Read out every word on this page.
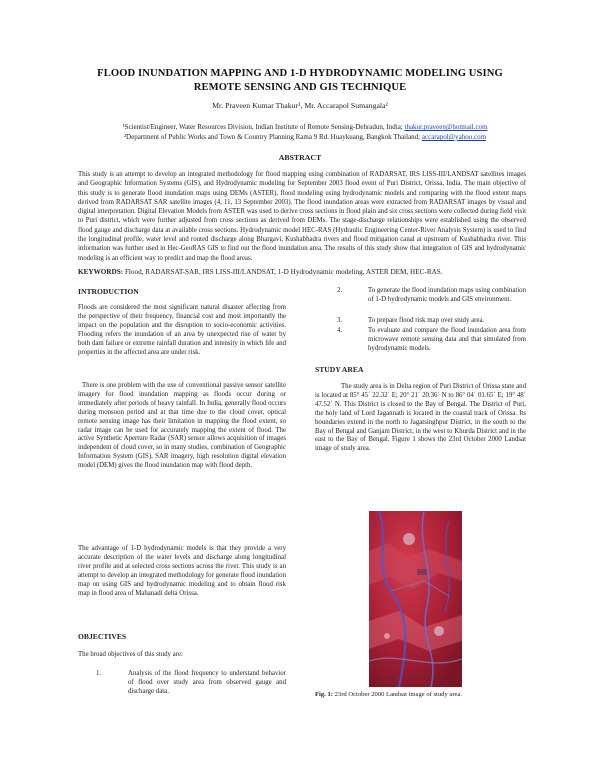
FLOOD INUNDATION MAPPING AND 1-D HYDRODYNAMIC MODELING USING
REMOTE SENSING AND GIS TECHNIQUE
Mr. Praveen Kumar Thakur¹, Mr. Accarapol Sumangala²
¹Scientist/Engineer, Water Resources Division, Indian Institute of Remote Sensing-Dehradun, India; thakur.praveen@hotmail.com
²Department of Public Works and Town & Country Planning Rama 9 Rd. Huaykuang, Bangkok Thailand; accarapol@yahoo.com
ABSTRACT
This study is an attempt to develop an integrated methodology for flood mapping using combination of RADARSAT, IRS LISS-III/LANDSAT satellites images and Geographic Information Systems (GIS), and Hydrodynamic modeling for September 2003 flood event of Puri District, Orissa, India. The main objective of this study is to generate flood inundation maps using DEMs (ASTER), flood modeling using hydrodynamic models and comparing with the flood extent maps derived from RADARSAT SAR satellite images (4, 11, 13 September 2003). The flood inundation areas were extracted from RADARSAT images by visual and digital interpretation. Digital Elevation Models from ASTER was used to derive cross sections in flood plain and six cross sections were collected during field visit to Puri district, which were further adjusted from cross sections as derived from DEMs. The stage-discharge relationships were established using the observed flood gauge and discharge data at available cross sections. Hydrodynamic model HEC-RAS (Hydraulic Engineering Center-River Analysis System) is used to find the longitudinal profile, water level and routed discharge along Bhargavi, Kushabhadra rivers and flood mitigation canal at upstream of Kushabhadra river. This information was further used in Hec-GeoRAS GIS to find out the flood inundation area. The results of this study show that integration of GIS and hydrodynamic modeling is an efficient way to predict and map the flood areas.
KEYWORDS: Flood, RADARSAT-SAR, IRS LISS-III/LANDSAT, 1-D Hydrodynamic modeling, ASTER DEM, HEC-RAS.
INTRODUCTION
Floods are considered the most significant natural disaster affecting from the perspective of their frequency, financial cost and most importantly the impact on the population and the disruption to socio-economic activities. Flooding refers the inundation of an area by unexpected rise of water by both dam failure or extreme rainfall duration and intensity in which life and properties in the affected area are under risk.
There is one problem with the use of conventional passive sensor satellite imagery for flood inundation mapping as floods occur during or immediately after periods of heavy rainfall. In India, generally flood occurs during monsoon period and at that time due to the cloud cover, optical remote sensing image has their limitation in mapping the flood extent, so radar image can be used for accurately mapping the extent of flood. The active Synthetic Aperture Radar (SAR) sensor allows acquisition of images independent of cloud cover, so in many studies, combination of Geographic Information System (GIS), SAR imagery, high resolution digital elevation model (DEM) gives the flood inundation map with flood depth.
The advantage of 1-D hydrodynamic models is that they provide a very accurate description of the water levels and discharge along longitudinal river profile and at selected cross sections across the river. This study is an attempt to develop an integrated methodology for generate flood inundation map on using GIS and hydrodynamic modeling and to obtain flood risk map in flood area of Mahanadi delta Orissa.
OBJECTIVES
The broad objectives of this study are:
1.	Analysis of the flood frequency to understand behavior of flood over study area from observed gauge and discharge data.
2.	To generate the flood inundation maps using combination of 1-D hydrodynamic models and GIS environment.
3.	To prepare flood risk map over study area.
4.	To evaluate and compare the flood inundation area from microwave remote sensing data and that simulated from hydrodynamic models.
STUDY AREA
The study area is in Delta region of Puri District of Orissa state and is located at 85° 45΄ 22.32΄ E; 20° 21΄ 20.36΄ N to 86° 04΄ 01.65΄ E; 19° 48΄ 47.52΄ N. This District is closed to the Bay of Bengal. The District of Puri, the holy land of Lord Jagannath is located in the coastal track of Orissa. Its boundaries extend in the north to Jagatsinghpur District, in the south to the Bay of Bengal and Ganjam District, in the west to Khurda District and in the east to the Bay of Bengal. Figure 1 shows the 23rd October 2000 Landsat image of study area.
Fig. 1: 23rd October 2000 Landsat image of study area.
